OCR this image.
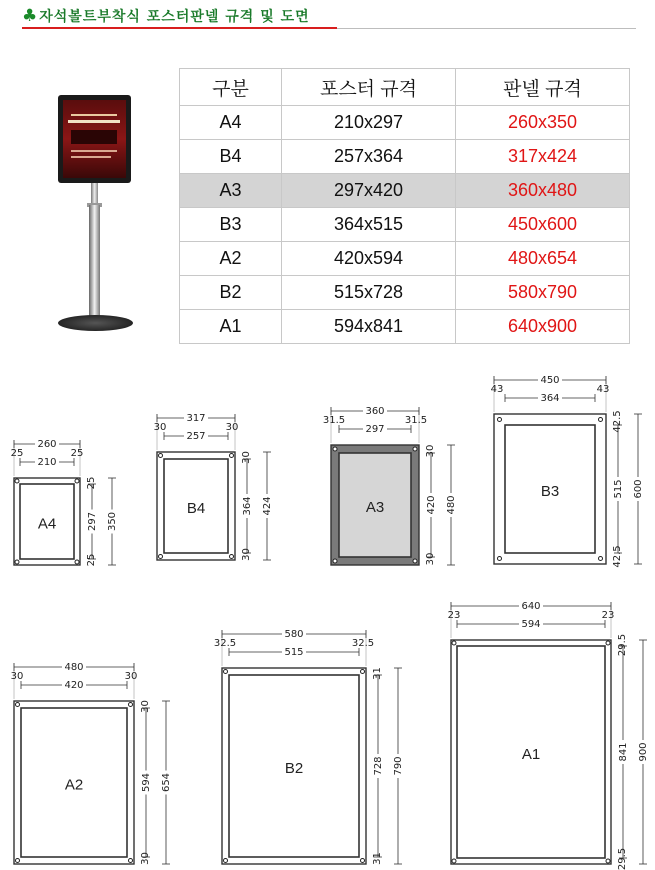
♣ 자석볼트부착식 포스터판넬 규격 및 도면
구분	포스터 규격	판넬 규격
A4	210x297	260x350
B4	257x364	317x424
A3	297x420	360x480
B3	364x515	450x600
A2	420x594	480x654
B2	515x728	580x790
A1	594x841	640x900
A4
260
210
25	25
297 350
25
25
B4
317
257
30	30
364 424
30
30
A3
360
297
31.5	31.5
420 480
30
30
B3
450
364
43	43
515 600
42.5
42.5
A2
480
420
30	30
594 654
30
30
B2
580
515
32.5	32.5
728 790
31
31
A1
640
594
23	23
841 900
29.5
29.5
